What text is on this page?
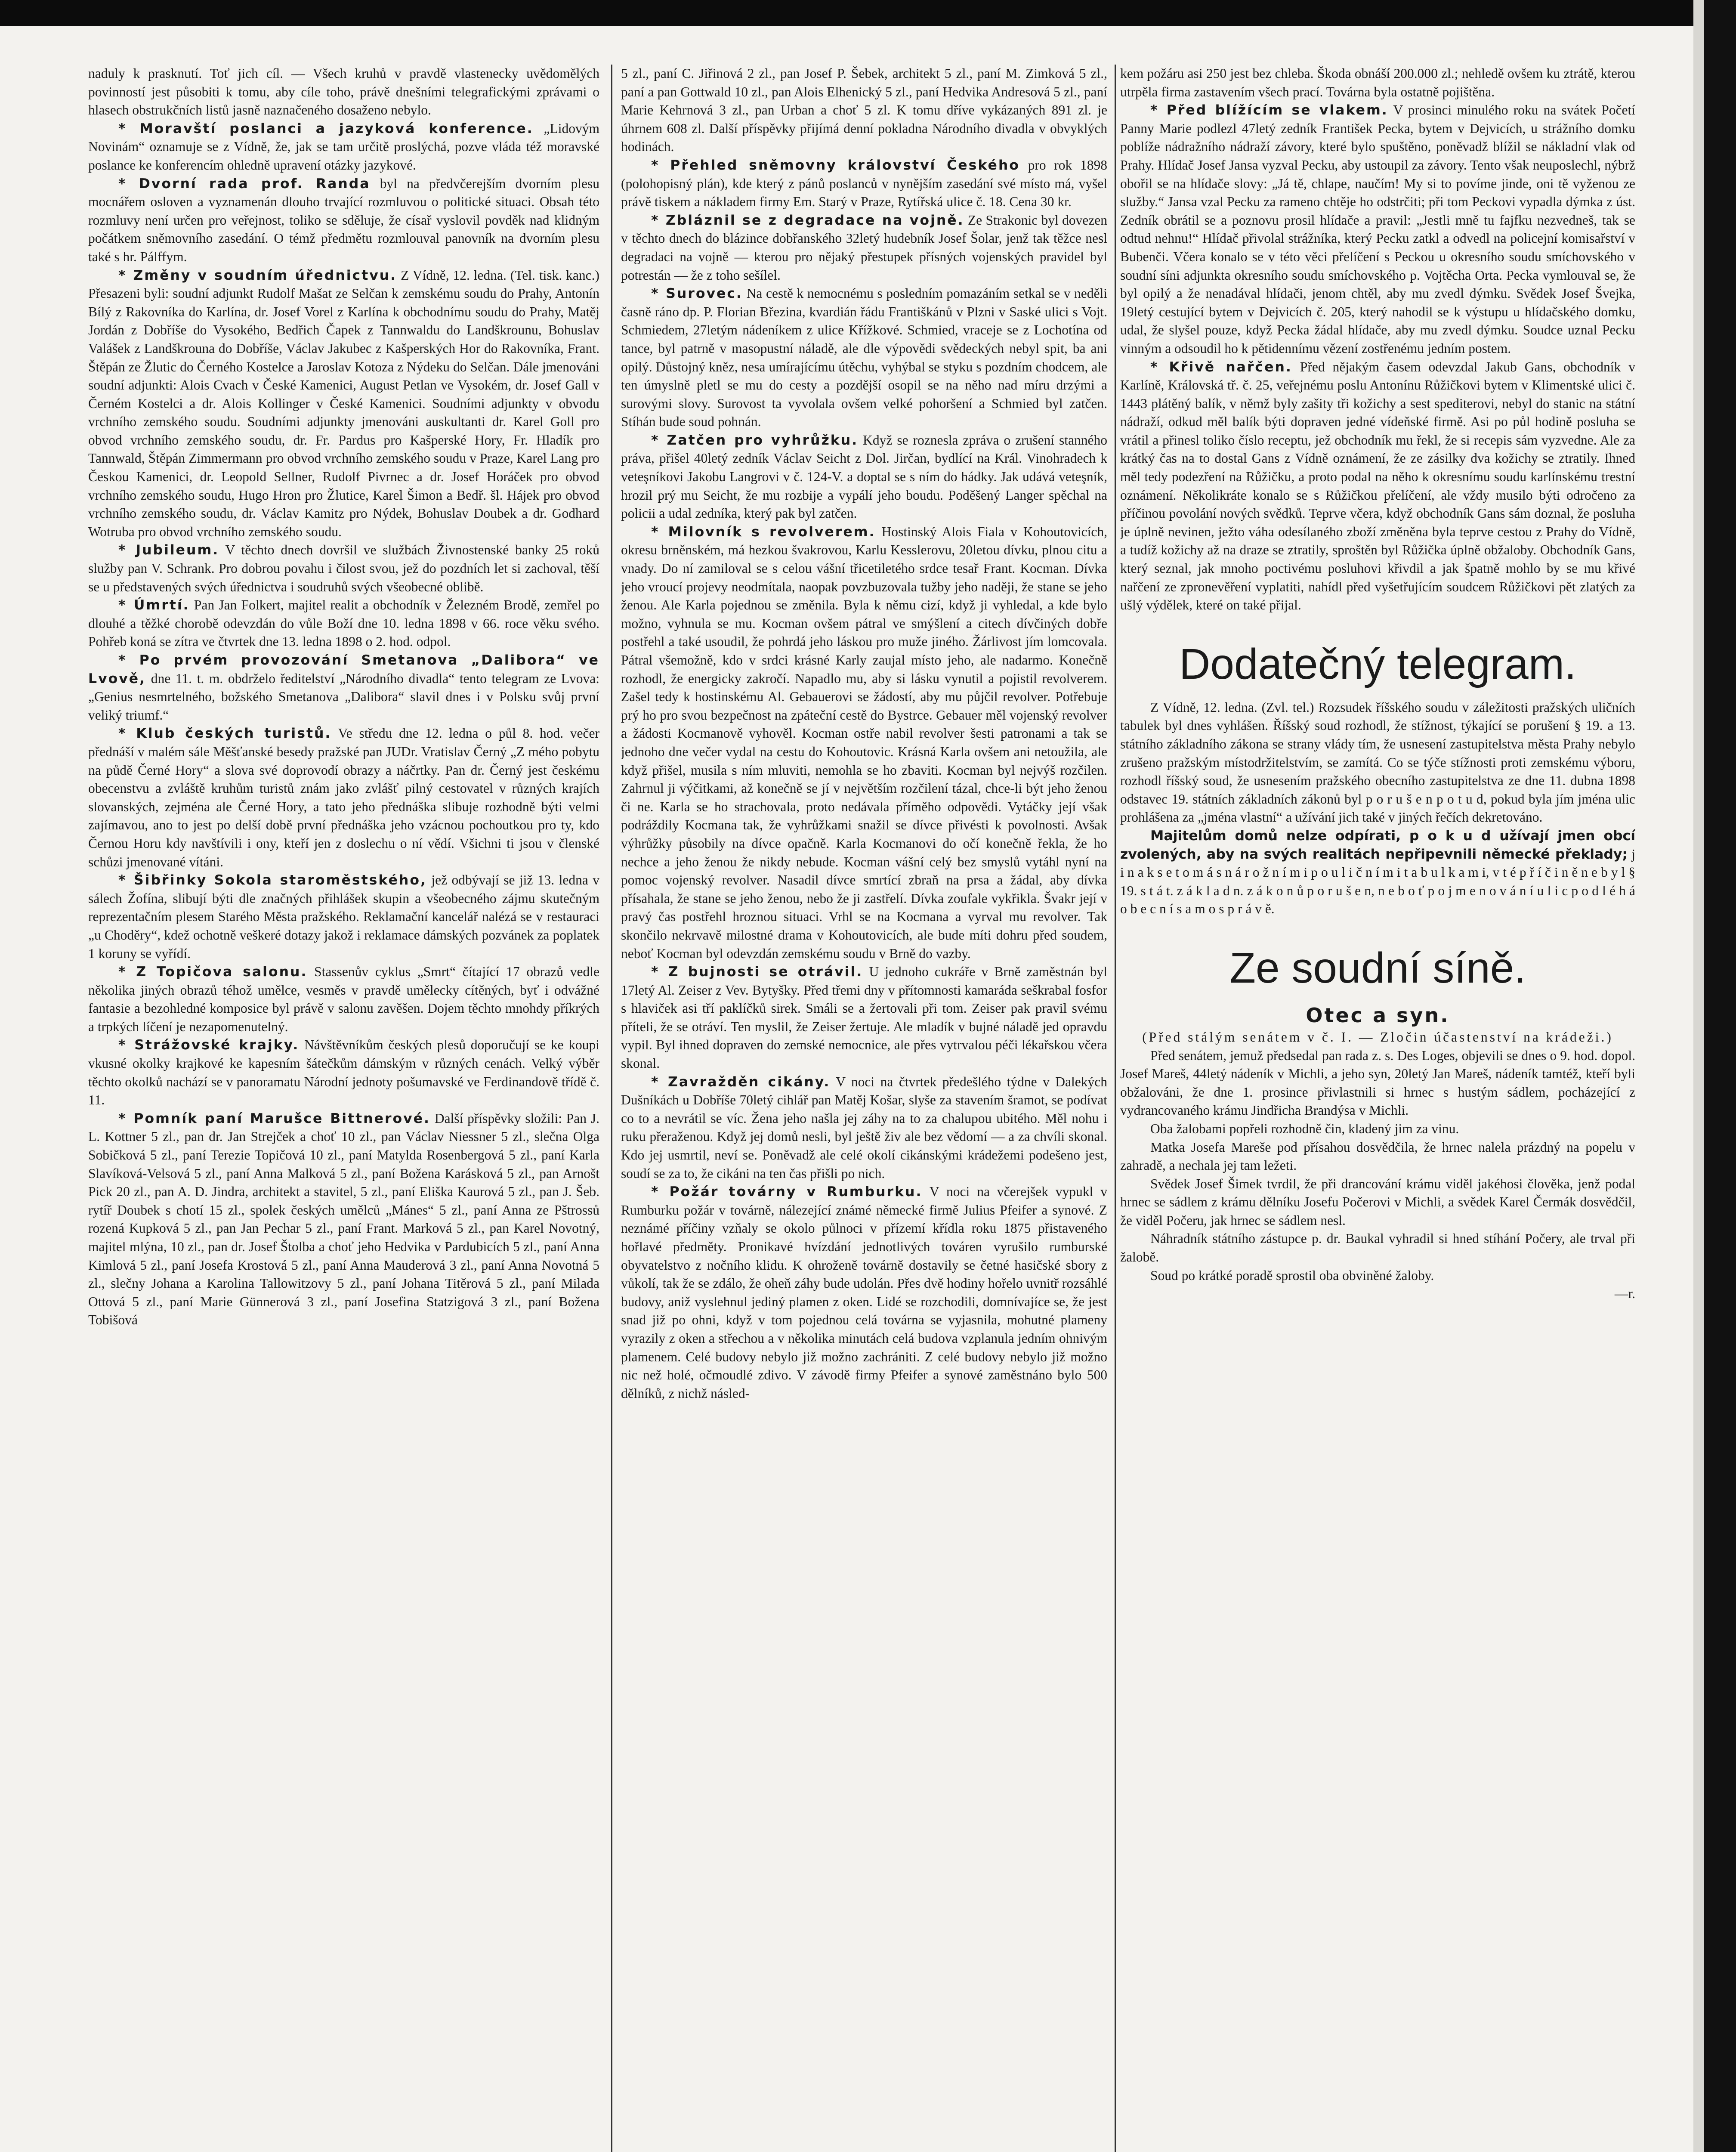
naduly k prasknutí. Toť jich cíl. — Všech kruhů v pravdě vlastenecky uvědomělých povinností jest působiti k tomu, aby cíle toho, právě dnešními telegrafickými zprávami o hlasech obstrukčních listů jasně naznačeného dosaženo nebylo.

* Moravští poslanci a jazyková konference. „Lidovým Novinám“ oznamuje se z Vídně, že, jak se tam určitě proslýchá, pozve vláda též moravské poslance ke konferencím ohledně upravení otázky jazykové.

* Dvorní rada prof. Randa byl na předvčerejším dvorním plesu mocnářem osloven a vyznamenán dlouho trvající rozmluvou o politické situaci. Obsah této rozmluvy není určen pro veřejnost, toliko se sděluje, že císař vyslovil povděk nad klidným počátkem sněmovního zasedání. O témž předmětu rozmlouval panovník na dvorním plesu také s hr. Pálffym.

* Změny v soudním úřednictvu. Z Vídně, 12. ledna. (Tel. tisk. kanc.) Přesazeni byli: soudní adjunkt Rudolf Mašat ze Selčan k zemskému soudu do Prahy, Antonín Bílý z Rakovníka do Karlína, dr. Josef Vorel z Karlína k obchodnímu soudu do Prahy, Matěj Jordán z Dobříše do Vysokého, Bedřich Čapek z Tannwaldu do Landškrounu, Bohuslav Valášek z Landškrouna do Dobříše, Václav Jakubec z Kašperských Hor do Rakovníka, Frant. Štěpán ze Žlutic do Černého Kostelce a Jaroslav Kotoza z Nýdeku do Selčan. Dále jmenováni soudní adjunkti: Alois Cvach v České Kamenici, August Petlan ve Vysokém, dr. Josef Gall v Černém Kostelci a dr. Alois Kollinger v České Kamenici. Soudními adjunkty v obvodu vrchního zemského soudu. Soudními adjunkty jmenováni auskultanti dr. Karel Goll pro obvod vrchního zemského soudu, dr. Fr. Pardus pro Kašperské Hory, Fr. Hladík pro Tannwald, Štěpán Zimmermann pro obvod vrchního zemského soudu v Praze, Karel Lang pro Českou Kamenici, dr. Leopold Sellner, Rudolf Pivrnec a dr. Josef Horáček pro obvod vrchního zemského soudu, Hugo Hron pro Žlutice, Karel Šimon a Bedř. šl. Hájek pro obvod vrchního zemského soudu, dr. Václav Kamitz pro Nýdek, Bohuslav Doubek a dr. Godhard Wotruba pro obvod vrchního zemského soudu.

* Jubileum. V těchto dnech dovršil ve službách Živnostenské banky 25 roků služby pan V. Schrank. Pro dobrou povahu i čilost svou, jež do pozdních let si zachoval, těší se u představených svých úřednictva i soudruhů svých všeobecné oblibě.

* Úmrtí. Pan Jan Folkert, majitel realit a obchodník v Železném Brodě, zemřel po dlouhé a těžké chorobě odevzdán do vůle Boží dne 10. ledna 1898 v 66. roce věku svého. Pohřeb koná se zítra ve čtvrtek dne 13. ledna 1898 o 2. hod. odpol.

* Po prvém provozování Smetanova „Dalibora“ ve Lvově, dne 11. t. m. obdrželo ředitelství „Národního divadla“ tento telegram ze Lvova: „Genius nesmrtelného, božského Smetanova „Dalibora“ slavil dnes i v Polsku svůj první veliký triumf.“

* Klub českých turistů. Ve středu dne 12. ledna o půl 8. hod. večer přednáší v malém sále Měšťanské besedy pražské pan JUDr. Vratislav Černý „Z mého pobytu na půdě Černé Hory“ a slova své doprovodí obrazy a náčrtky. Pan dr. Černý jest českému obecenstvu a zvláště kruhům turistů znám jako zvlášť pilný cestovatel v různých krajích slovanských, zejména ale Černé Hory, a tato jeho přednáška slibuje rozhodně býti velmi zajímavou, ano to jest po delší době první přednáška jeho vzácnou pochoutkou pro ty, kdo Černou Horu kdy navštívili i ony, kteří jen z doslechu o ní vědí. Všichni ti jsou v členské schůzi jmenované vítáni.

* Šibřinky Sokola staroměstského, jež odbývají se již 13. ledna v sálech Žofína, slibují býti dle značných přihlášek skupin a všeobecného zájmu skutečným reprezentačním plesem Starého Města pražského. Reklamační kancelář nalézá se v restauraci „u Choděry“, kdež ochotně veškeré dotazy jakož i reklamace dámských pozvánek za poplatek 1 koruny se vyřídí.

* Z Topičova salonu. Stassenův cyklus „Smrt“ čítající 17 obrazů vedle několika jiných obrazů téhož umělce, vesměs v pravdě umělecky cítěných, byť i odvážné fantasie a bezohledné komposice byl právě v salonu zavěšen. Dojem těchto mnohdy příkrých a trpkých líčení je nezapomenutelný.

* Strážovské krajky. Návštěvníkům českých plesů doporučují se ke koupi vkusné okolky krajkové ke kapesním šátečkům dámským v různých cenách. Velký výběr těchto okolků nachází se v panoramatu Národní jednoty pošumavské ve Ferdinandově třídě č. 11.

* Pomník paní Marušce Bittnerové. Další příspěvky složili: Pan J. L. Kottner 5 zl., pan dr. Jan Strejček a choť 10 zl., pan Václav Niessner 5 zl., slečna Olga Sobičková 5 zl., paní Terezie Topičová 10 zl., paní Matylda Rosenbergová 5 zl., paní Karla Slavíková-Velsová 5 zl., paní Anna Malková 5 zl., paní Božena Karásková 5 zl., pan Arnošt Pick 20 zl., pan A. D. Jindra, architekt a stavitel, 5 zl., paní Eliška Kaurová 5 zl., pan J. Šeb. rytíř Doubek s chotí 15 zl., spolek českých umělců „Mánes“ 5 zl., paní Anna ze Pštrossů rozená Kupková 5 zl., pan Jan Pechar 5 zl., paní Frant. Marková 5 zl., pan Karel Novotný, majitel mlýna, 10 zl., pan dr. Josef Štolba a choť jeho Hedvika v Pardubicích 5 zl., paní Anna Kimlová 5 zl., paní Josefa Krostová 5 zl., paní Anna Mauderová 3 zl., paní Anna Novotná 5 zl., slečny Johana a Karolina Tallowitzovy 5 zl., paní Johana Titěrová 5 zl., paní Milada Ottová 5 zl., paní Marie Günnerová 3 zl., paní Josefina Statzigová 3 zl., paní Božena Tobišová

5 zl., paní C. Jiřinová 2 zl., pan Josef P. Šebek, architekt 5 zl., paní M. Zimková 5 zl., paní a pan Gottwald 10 zl., pan Alois Elhenický 5 zl., paní Hedvika Andresová 5 zl., paní Marie Kehrnová 3 zl., pan Urban a choť 5 zl. K tomu dříve vykázaných 891 zl. je úhrnem 608 zl. Další příspěvky přijímá denní pokladna Národního divadla v obvyklých hodinách.

* Přehled sněmovny království Českého pro rok 1898 (polohopisný plán), kde který z pánů poslanců v nynějším zasedání své místo má, vyšel právě tiskem a nákladem firmy Em. Starý v Praze, Rytířská ulice č. 18. Cena 30 kr.

* Zbláznil se z degradace na vojně. Ze Strakonic byl dovezen v těchto dnech do blázince dobřanského 32letý hudebník Josef Šolar, jenž tak těžce nesl degradaci na vojně — kterou pro nějaký přestupek přísných vojenských pravidel byl potrestán — že z toho sešílel.

* Surovec. Na cestě k nemocnému s posledním pomazáním setkal se v neděli časně ráno dp. P. Florian Březina, kvardián řádu Františkánů v Plzni v Saské ulici s Vojt. Schmiedem, 27letým nádeníkem z ulice Křížkové. Schmied, vraceje se z Lochotína od tance, byl patrně v masopustní náladě, ale dle výpovědi svědeckých nebyl spit, ba ani opilý. Důstojný kněz, nesa umírajícímu útěchu, vyhýbal se styku s pozdním chodcem, ale ten úmyslně pletl se mu do cesty a pozdější osopil se na něho nad míru drzými a surovými slovy. Surovost ta vyvolala ovšem velké pohoršení a Schmied byl zatčen. Stíhán bude soud pohnán.

* Zatčen pro vyhrůžku. Když se roznesla zpráva o zrušení stanného práva, přišel 40letý zedník Václav Seicht z Dol. Jirčan, bydlící na Král. Vinohradech k veteşníkovi Jakobu Langrovi v č. 124-V. a doptal se s ním do hádky. Jak udává veteşník, hrozil prý mu Seicht, že mu rozbije a vypálí jeho boudu. Poděšený Langer spěchal na policii a udal zedníka, který pak byl zatčen.

* Milovník s revolverem. Hostinský Alois Fiala v Kohoutovicích, okresu brněnském, má hezkou švakrovou, Karlu Kesslerovu, 20letou dívku, plnou citu a vnady. Do ní zamiloval se s celou vášní třicetiletého srdce tesař Frant. Kocman. Dívka jeho vroucí projevy neodmítala, naopak povzbuzovala tužby jeho naději, že stane se jeho ženou. Ale Karla pojednou se změnila. Byla k němu cizí, když ji vyhledal, a kde bylo možno, vyhnula se mu. Kocman ovšem pátral ve smýšlení a citech dívčiných dobře postřehl a také usoudil, že pohrdá jeho láskou pro muže jiného. Žárlivost jím lomcovala. Pátral všemožně, kdo v srdci krásné Karly zaujal místo jeho, ale nadarmo. Konečně rozhodl, že energicky zakročí. Napadlo mu, aby si lásku vynutil a pojistil revolverem. Zašel tedy k hostinskému Al. Gebauerovi se žádostí, aby mu půjčil revolver. Potřebuje prý ho pro svou bezpečnost na zpáteční cestě do Bystrce. Gebauer měl vojenský revolver a žádosti Kocmanově vyhověl. Kocman ostře nabil revolver šesti patronami a tak se jednoho dne večer vydal na cestu do Kohoutovic. Krásná Karla ovšem ani netoužila, ale když přišel, musila s ním mluviti, nemohla se ho zbaviti. Kocman byl nejvýš rozčilen. Zahrnul ji výčitkami, až konečně se jí v největším rozčilení tázal, chce-li být jeho ženou či ne. Karla se ho strachovala, proto nedávala příměho odpovědi. Vytáčky její však podráždily Kocmana tak, že vyhrůžkami snažil se dívce přivésti k povolnosti. Avšak výhrůžky působily na dívce opačně. Karla Kocmanovi do očí konečně řekla, že ho nechce a jeho ženou že nikdy nebude. Kocman vášní celý bez smyslů vytáhl nyní na pomoc vojenský revolver. Nasadil dívce smrtící zbraň na prsa a žádal, aby dívka přísahala, že stane se jeho ženou, nebo že ji zastřelí. Dívka zoufale vykřikla. Švakr její v pravý čas postřehl hroznou situaci. Vrhl se na Kocmana a vyrval mu revolver. Tak skončilo nekrvavě milostné drama v Kohoutovicích, ale bude míti dohru před soudem, neboť Kocman byl odevzdán zemskému soudu v Brně do vazby.

* Z bujnosti se otrávil. U jednoho cukráře v Brně zaměstnán byl 17letý Al. Zeiser z Vev. Bytyšky. Před třemi dny v přítomnosti kamaráda seškrabal fosfor s hlaviček asi tří paklíčků sirek. Smáli se a žertovali při tom. Zeiser pak pravil svému příteli, že se otráví. Ten myslil, že Zeiser žertuje. Ale mladík v bujné náladě jed opravdu vypil. Byl ihned dopraven do zemské nemocnice, ale přes vytrvalou péči lékařskou včera skonal.

* Zavražděn cikány. V noci na čtvrtek předešlého týdne v Dalekých Dušníkách u Dobříše 70letý cihlář pan Matěj Košar, slyše za stavením šramot, se podívat co to a nevrátil se víc. Žena jeho našla jej záhy na to za chalupou ubitého. Měl nohu i ruku přeraženou. Když jej domů nesli, byl ještě živ ale bez vědomí — a za chvíli skonal. Kdo jej usmrtil, neví se. Poněvadž ale celé okolí cikánskými krádežemi podešeno jest, soudí se za to, že cikáni na ten čas přišli po nich.

* Požár továrny v Rumburku. V noci na včerejšek vypukl v Rumburku požár v továrně, nálezející známé německé firmě Julius Pfeifer a synové. Z neznámé příčiny vzňaly se okolo půlnoci v přízemí křídla roku 1875 přistaveného hořlavé předměty. Pronikavé hvízdání jednotlivých továren vyrušilo rumburské obyvatelstvo z nočního klidu. K ohroženě továrně dostavily se četné hasičské sbory z vůkolí, tak že se zdálo, že oheň záhy bude udolán. Přes dvě hodiny hořelo uvnitř rozsáhlé budovy, aniž vyslehnul jediný plamen z oken. Lidé se rozchodili, domnívajíce se, že jest snad již po ohni, když v tom pojednou celá továrna se vyjasnila, mohutné plameny vyrazily z oken a střechou a v několika minutách celá budova vzplanula jedním ohnivým plamenem. Celé budovy nebylo již možno zachrániti. Z celé budovy nebylo již možno nic než holé, očmoudlé zdivo. V závodě firmy Pfeifer a synové zaměstnáno bylo 500 dělníků, z nichž násled-

kem požáru asi 250 jest bez chleba. Škoda obnáší 200.000 zl.; nehledě ovšem ku ztrátě, kterou utrpěla firma zastavením všech prací. Továrna byla ostatně pojištěna.

* Před blížícím se vlakem. V prosinci minulého roku na svátek Početí Panny Marie podlezl 47letý zedník František Pecka, bytem v Dejvicích, u strážního domku poblíže nádražního nádraží závory, které bylo spuštěno, poněvadž blížil se nákladní vlak od Prahy. Hlídač Josef Jansa vyzval Pecku, aby ustoupil za závory. Tento však neuposlechl, nýbrž obořil se na hlídače slovy: „Já tě, chlape, naučím! My si to povíme jinde, oni tě vyženou ze služby.“ Jansa vzal Pecku za rameno chtěje ho odstrčiti; při tom Peckovi vypadla dýmka z úst. Zedník obrátil se a poznovu prosil hlídače a pravil: „Jestli mně tu fajfku nezvedneš, tak se odtud nehnu!“ Hlídač přivolal strážníka, který Pecku zatkl a odvedl na policejní komisařství v Bubenči. Včera konalo se v této věci přelíčení s Peckou u okresního soudu smíchovského v soudní síni adjunkta okresního soudu smíchovského p. Vojtěcha Orta. Pecka vymlouval se, že byl opilý a že nenadával hlídači, jenom chtěl, aby mu zvedl dýmku. Svědek Josef Švejka, 19letý cestující bytem v Dejvicích č. 205, který nahodil se k výstupu u hlídačského domku, udal, že slyšel pouze, když Pecka žádal hlídače, aby mu zvedl dýmku. Soudce uznal Pecku vinným a odsoudil ho k pětidennímu vězení zostřenému jedním postem.

* Křivě nařčen. Před nějakým časem odevzdal Jakub Gans, obchodník v Karlíně, Královská tř. č. 25, veřejnému poslu Antonínu Růžičkovi bytem v Klimentské ulici č. 1443 plátěný balík, v němž byly zašity tři kožichy a sest spediterovi, nebyl do stanic na státní nádraží, odkud měl balík býti dopraven jedné vídeňské firmě. Asi po půl hodině posluha se vrátil a přinesl toliko číslo receptu, jež obchodník mu řekl, že si recepis sám vyzvedne. Ale za krátký čas na to dostal Gans z Vídně oznámení, že ze zásilky dva kožichy se ztratily. Ihned měl tedy podezření na Růžičku, a proto podal na něho k okresnímu soudu karlínskému trestní oznámení. Několikráte konalo se s Růžičkou přelíčení, ale vždy musilo býti odročeno za příčinou povolání nových svědků. Teprve včera, když obchodník Gans sám doznal, že posluha je úplně nevinen, ježto váha odesílaného zboží změněna byla teprve cestou z Prahy do Vídně, a tudíž kožichy až na draze se ztratily, sproštěn byl Růžička úplně obžaloby. Obchodník Gans, který seznal, jak mnoho poctivému posluhovi křivdil a jak špatně mohlo by se mu křivé nařčení ze zpronevěření vyplatiti, nahídl před vyšetřujícím soudcem Růžičkovi pět zlatých za ušlý výdělek, které on také přijal.

Dodatečný telegram.

Z Vídně, 12. ledna. (Zvl. tel.) Rozsudek říšského soudu v záležitosti pražských uličních tabulek byl dnes vyhlášen. Říšský soud rozhodl, že stížnost, týkající se porušení § 19. a 13. státního základního zákona se strany vlády tím, že usnesení zastupitelstva města Prahy nebylo zrušeno pražským místodržitelstvím, se zamítá. Co se týče stížnosti proti zemskému výboru, rozhodl říšský soud, že usnesením pražského obecního zastupitelstva ze dne 11. dubna 1898 odstavec 19. státních základních zákonů byl p o r u š e n p o t u d, pokud byla jím jména ulic prohlášena za „jména vlastní“ a užívání jich také v jiných řečích dekretováno.

Majitelům domů nelze odpírati, p o k u d užívají jmen obcí zvolených, aby na svých realitách nepřipevnili německé překlady; j i n a k s e t o m á s n á r o ž n í m i p o u l i č n í m i t a b u l k a m i, v t é p ř í č i n ě n e b y l § 19. s t á t. z á k l a d n. z á k o n ů p o r u š e n, n e b o ť p o j m e n o v á n í u l i c p o d l é h á o b e c n í s a m o s p r á v ě.

Ze soudní síně.
Otec a syn.

(Před stálým senátem v č. I. — Zločin účastenství na krádeži.)

Před senátem, jemuž předsedal pan rada z. s. Des Loges, objevili se dnes o 9. hod. dopol. Josef Mareš, 44letý nádeník v Michli, a jeho syn, 20letý Jan Mareš, nádeník tamtéž, kteří byli obžalováni, že dne 1. prosince přivlastnili si hrnec s hustým sádlem, pocházející z vydrancovaného krámu Jindřicha Brandýsa v Michli.

Oba žalobami popřeli rozhodně čin, kladený jim za vinu.

Matka Josefa Mareše pod přísahou dosvědčila, že hrnec nalela prázdný na popelu v zahradě, a nechala jej tam ležeti.

Svědek Josef Šimek tvrdil, že při drancování krámu viděl jakéhosi člověka, jenž podal hrnec se sádlem z krámu dělníku Josefu Počerovi v Michli, a svědek Karel Čermák dosvědčil, že viděl Počeru, jak hrnec se sádlem nesl.

Náhradník státního zástupce p. dr. Baukal vyhradil si hned stíhání Počery, ale trval při žalobě.

Soud po krátké poradě sprostil oba obviněné žaloby.

—r.
